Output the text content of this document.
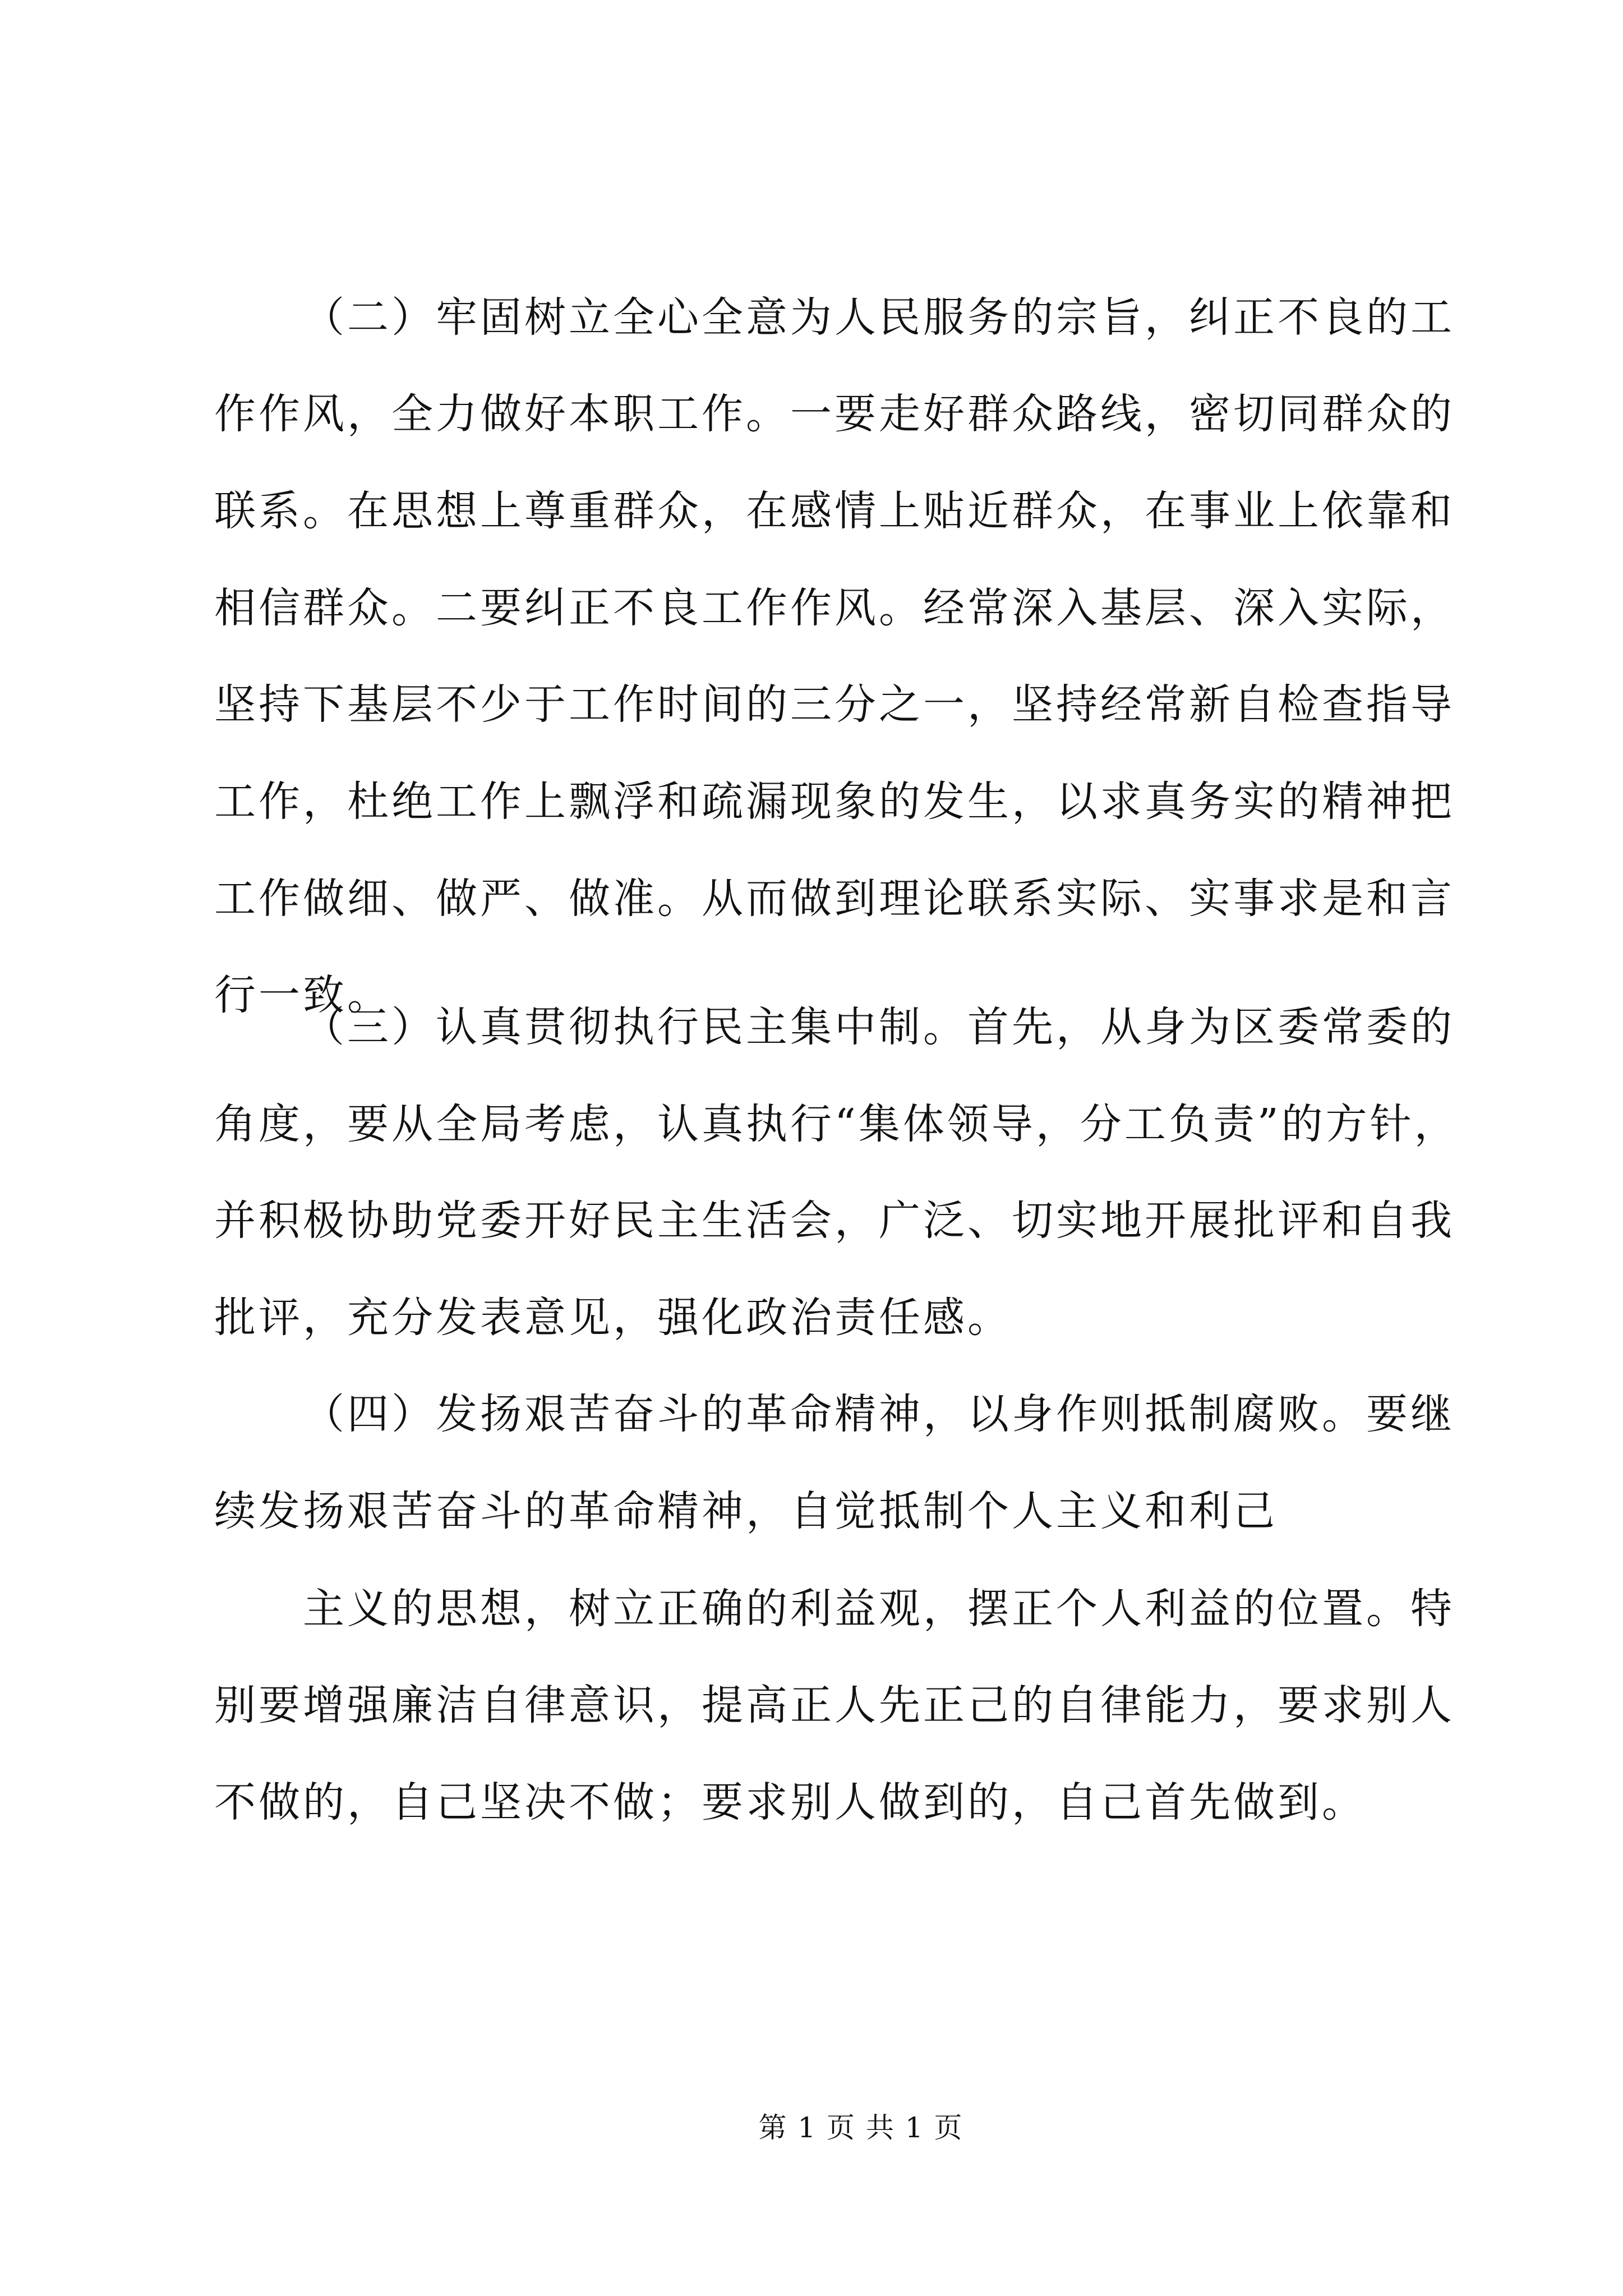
（二）牢固树立全心全意为人民服务的宗旨，纠正不良的工
作作风，全力做好本职工作。一要走好群众路线，密切同群众的
联系。在思想上尊重群众，在感情上贴近群众，在事业上依靠和
相信群众。二要纠正不良工作作风。经常深入基层、深入实际，
坚持下基层不少于工作时间的三分之一，坚持经常新自检查指导
工作，杜绝工作上飘浮和疏漏现象的发生，以求真务实的精神把
工作做细、做严、做准。从而做到理论联系实际、实事求是和言
行一致。
（三）认真贯彻执行民主集中制。首先，从身为区委常委的
角度，要从全局考虑，认真执行“集体领导，分工负责”的方针，
并积极协助党委开好民主生活会，广泛、切实地开展批评和自我
批评，充分发表意见，强化政治责任感。
（四）发扬艰苦奋斗的革命精神，以身作则抵制腐败。要继
续发扬艰苦奋斗的革命精神，自觉抵制个人主义和利己
主义的思想，树立正确的利益观，摆正个人利益的位置。特
别要增强廉洁自律意识，提高正人先正己的自律能力，要求别人
不做的，自己坚决不做；要求别人做到的，自己首先做到。
第 1 页 共 1 页
